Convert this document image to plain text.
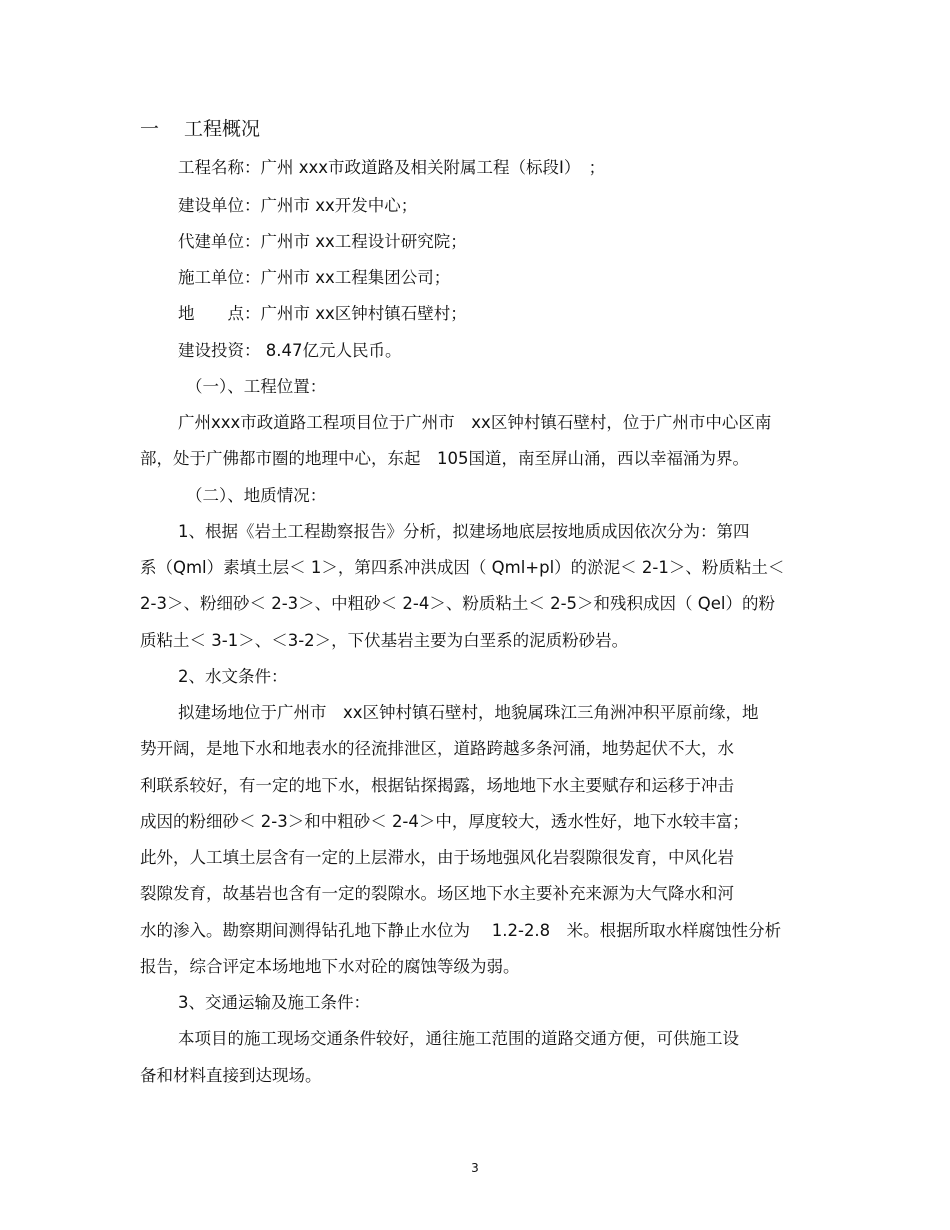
一 工程概况

工程名称：广州 xxx市政道路及相关附属工程（标段Ⅰ）　；

建设单位：广州市 xx开发中心；

代建单位：广州市 xx工程设计研究院；

施工单位：广州市 xx工程集团公司；

地　　点：广州市 xx区钟村镇石壁村；

建设投资： 8.47亿元人民币。

（一）、工程位置：

广州xxx市政道路工程项目位于广州市　xx区钟村镇石壁村，位于广州市中心区南

部，处于广佛都市圈的地理中心，东起　105国道，南至屏山涌，西以幸福涌为界。

（二）、地质情况：

1、根据《岩土工程勘察报告》分析，拟建场地底层按地质成因依次分为：第四

系（Qml）素填土层＜ 1＞，第四系冲洪成因（ Qml+pl）的淤泥＜ 2-1＞、粉质粘土＜

2-3＞、粉细砂＜ 2-3＞、中粗砂＜ 2-4＞、粉质粘土＜ 2-5＞和残积成因（ Qel）的粉

质粘土＜ 3-1＞、＜3-2＞，下伏基岩主要为白垩系的泥质粉砂岩。

2、水文条件：

拟建场地位于广州市　xx区钟村镇石壁村，地貌属珠江三角洲冲积平原前缘，地

势开阔，是地下水和地表水的径流排泄区，道路跨越多条河涌，地势起伏不大，水

利联系较好，有一定的地下水，根据钻探揭露，场地地下水主要赋存和运移于冲击

成因的粉细砂＜ 2-3＞和中粗砂＜ 2-4＞中，厚度较大，透水性好，地下水较丰富；

此外，人工填土层含有一定的上层滞水，由于场地强风化岩裂隙很发育，中风化岩

裂隙发育，故基岩也含有一定的裂隙水。场区地下水主要补充来源为大气降水和河

水的渗入。勘察期间测得钻孔地下静止水位为　 1.2-2.8　米。根据所取水样腐蚀性分析

报告，综合评定本场地地下水对砼的腐蚀等级为弱。

3、交通运输及施工条件：

本项目的施工现场交通条件较好，通往施工范围的道路交通方便，可供施工设

备和材料直接到达现场。

3
